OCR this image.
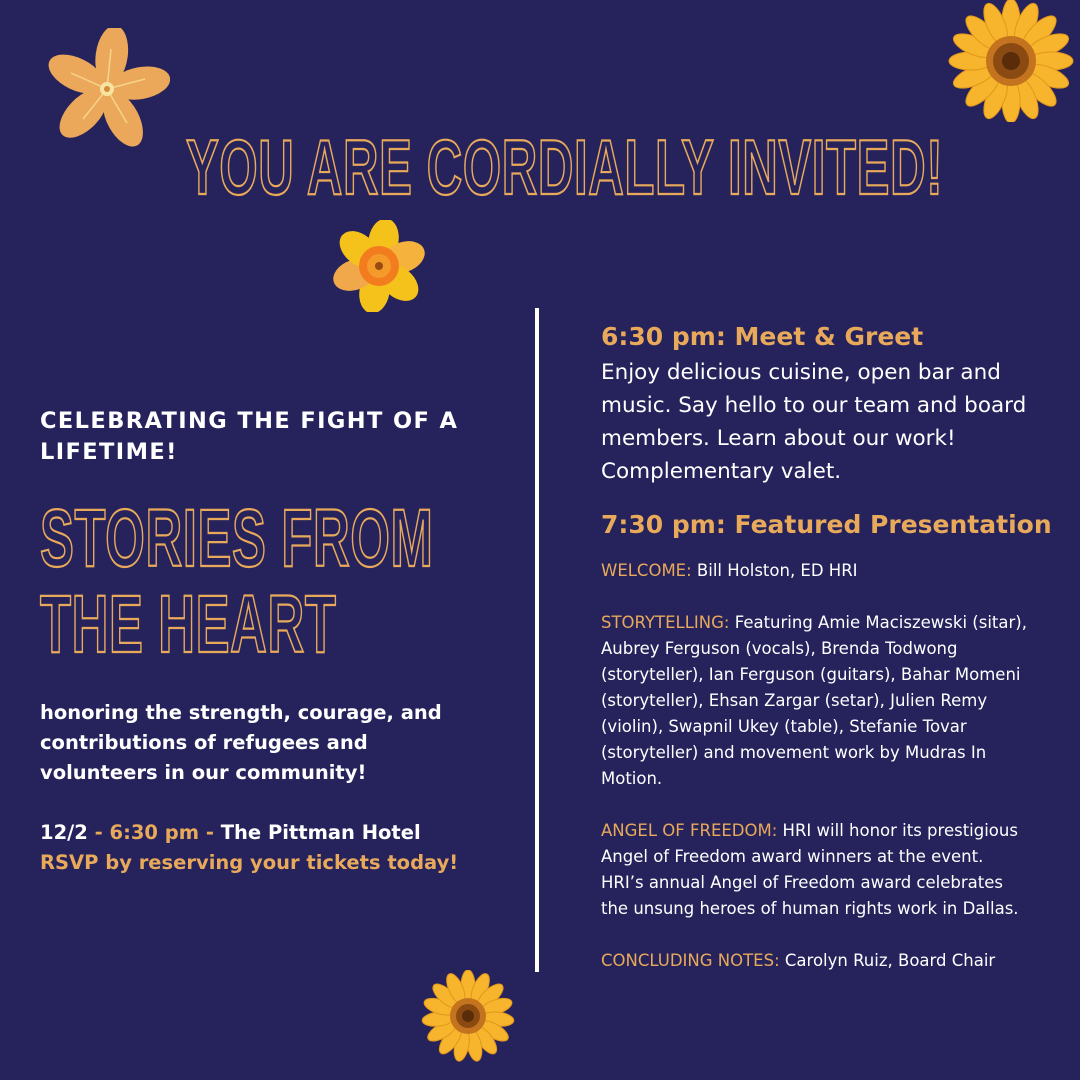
YOU ARE CORDIALLY INVITED!
CELEBRATING THE FIGHT OF A LIFETIME!
STORIES FROM THE HEART
honoring the strength, courage, and contributions of refugees and volunteers in our community!
12/2 - 6:30 pm - The Pittman Hotel
RSVP by reserving your tickets today!
6:30 pm: Meet & Greet
Enjoy delicious cuisine, open bar and music. Say hello to our team and board members. Learn about our work! Complementary valet.
7:30 pm: Featured Presentation
WELCOME: Bill Holston, ED HRI
STORYTELLING: Featuring Amie Maciszewski (sitar), Aubrey Ferguson (vocals), Brenda Todwong (storyteller), Ian Ferguson (guitars), Bahar Momeni (storyteller), Ehsan Zargar (setar), Julien Remy (violin), Swapnil Ukey (table), Stefanie Tovar (storyteller) and movement work by Mudras In Motion.
ANGEL OF FREEDOM: HRI will honor its prestigious Angel of Freedom award winners at the event. HRI’s annual Angel of Freedom award celebrates the unsung heroes of human rights work in Dallas.
CONCLUDING NOTES: Carolyn Ruiz, Board Chair
